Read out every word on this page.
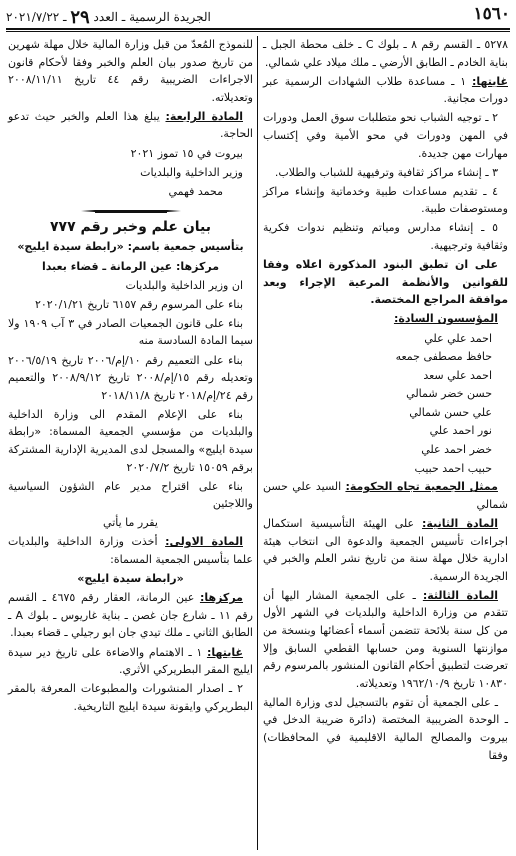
١٥٦٠
الجريدة الرسمية ـ العدد ٢٩ ـ ٢٠٢١/٧/٢٢

٥٢٧٨ ـ القسم رقم ٨ ـ بلوك C ـ خلف محطة الجبل ـ بناية الخادم ـ الطابق الأرضي ـ ملك ميلاد علي شمالي.

غايتها: ١ ـ مساعدة طلاب الشهادات الرسمية عبر دورات مجانية.

٢ ـ توجيه الشباب نحو متطلبات سوق العمل ودورات في المهن ودورات في محو الأمية وفي إكتساب مهارات مهن جديدة.

٣ ـ إنشاء مراكز ثقافية وترفيهية للشباب والطلاب.

٤ ـ تقديم مساعدات طبية وخدماتية وإنشاء مراكز ومستوصفات طبية.

٥ ـ إنشاء مدارس ومياتم وتنظيم ندوات فكرية وثقافية وترجيهية.

على ان تطبق البنود المذكورة اعلاه وفقا للقوانين والأنظمة المرعية الإجراء وبعد موافقة المراجع المختصة.

المؤسسون السادة:

احمد علي علي

حافظ مصطفى جمعه

احمد علي سعد

حسن خضر شمالي

علي حسن شمالي

نور احمد علي

خضر احمد علي

حبيب احمد حبيب

ممثل الجمعية تجاه الحكومة: السيد علي حسن شمالي

المادة الثانية: على الهيئة التأسيسية استكمال اجراءات تأسيس الجمعية والدعوة الى انتخاب هيئة ادارية خلال مهلة سنة من تاريخ نشر العلم والخبر في الجريدة الرسمية.

المادة الثالثة: ـ على الجمعية المشار اليها أن تتقدم من وزارة الداخلية والبلديات في الشهر الأول من كل سنة بلائحة تتضمن أسماء أعضائها وبنسخة من موازنتها السنوية ومن حسابها القطعي السابق وإلا تعرضت لتطبيق أحكام القانون المنشور بالمرسوم رقم ١٠٨٣٠ تاريخ ١٩٦٢/١٠/٩ وتعديلاته.

ـ على الجمعية أن تقوم بالتسجيل لدى وزارة المالية ـ الوحدة الضريبية المختصة (دائرة ضريبة الدخل في بيروت والمصالح المالية الاقليمية في المحافظات) وفقا

للنموذج المُعدّ من قبل وزارة المالية خلال مهلة شهرين من تاريخ صدور بيان العلم والخبر وفقا لأحكام قانون الاجراءات الضريبية رقم ٤٤ تاريخ ٢٠٠٨/١١/١١ وتعديلاته.

المادة الرابعة: يبلغ هذا العلم والخبر حيث تدعو الحاجة.

بيروت في ١٥ تموز ٢٠٢١

وزير الداخلية والبلديات

محمد فهمي

بيان علم وخبر رقم ٧٧٧

بتأسيس جمعية باسم: «رابطة سيدة ايليج»

مركزها: عين الرمانة ـ قضاء بعبدا

ان وزير الداخلية والبلديات

بناء على المرسوم رقم ٦١٥٧ تاريخ ٢٠٢٠/١/٢١

بناء على قانون الجمعيات الصادر في ٣ آب ١٩٠٩ ولا سيما المادة السادسة منه

بناء على التعميم رقم ١٠/إم/٢٠٠٦ تاريخ ٢٠٠٦/٥/١٩ وتعديله رقم ١٥/إم/٢٠٠٨ تاريخ ٢٠٠٨/٩/١٢ والتعميم رقم ٢٤/إم/٢٠١٨ تاريخ ٢٠١٨/١١/٨

بناء على الإعلام المقدم الى وزارة الداخلية والبلديات من مؤسسي الجمعية المسماة: «رابطة سيدة ايليج» والمسجل لدى المديرية الإدارية المشتركة برقم ١٥٠٥٩ تاريخ ٢٠٢٠/٧/٢

بناء على اقتراح مدير عام الشؤون السياسية واللاجئين

يقرر ما يأتي

المادة الاولى: أخذت وزارة الداخلية والبلديات علما بتأسيس الجمعية المسماة:

«رابطة سيدة ايليج»

مركزها: عين الرمانة، العقار رقم ٤٦٧٥ ـ القسم رقم ١١ ـ شارع جان غصن ـ بناية غاريوس ـ بلوك A ـ الطابق الثاني ـ ملك تيدي جان ابو رجيلي ـ قضاء بعبدا.

غايتها: ١ ـ الاهتمام والاضاءة على تاريخ دير سيدة ايليج المقر البطريركي الأثري.

٢ ـ اصدار المنشورات والمطبوعات المعرفة بالمقر البطريركي وايقونة سيدة ايليج التاريخية.
